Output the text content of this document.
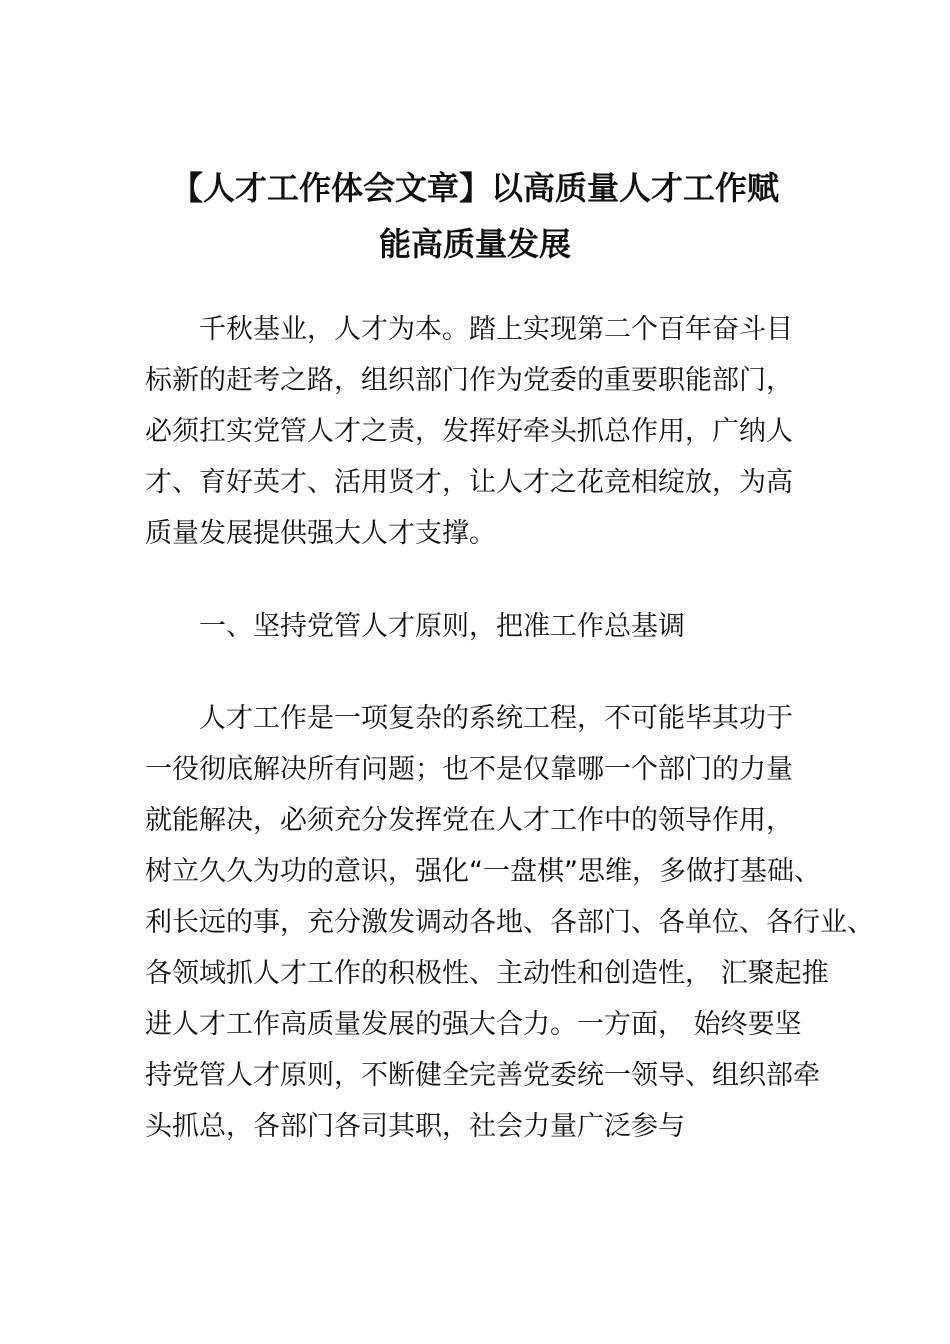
【人才工作体会文章】以高质量人才工作赋
能高质量发展

　　千秋基业，人才为本。踏上实现第二个百年奋斗目
标新的赶考之路，组织部门作为党委的重要职能部门，
必须扛实党管人才之责，发挥好牵头抓总作用，广纳人
才、育好英才、活用贤才，让人才之花竞相绽放，为高
质量发展提供强大人才支撑。

　　一、坚持党管人才原则，把准工作总基调

　　人才工作是一项复杂的系统工程，不可能毕其功于
一役彻底解决所有问题；也不是仅靠哪一个部门的力量
就能解决，必须充分发挥党在人才工作中的领导作用，
树立久久为功的意识，强化“一盘棋”思维，多做打基础、
利长远的事，充分激发调动各地、各部门、各单位、各行业、
各领域抓人才工作的积极性、主动性和创造性， 汇聚起推
进人才工作高质量发展的强大合力。一方面， 始终要坚
持党管人才原则，不断健全完善党委统一领导、组织部牵
头抓总，各部门各司其职，社会力量广泛参与
